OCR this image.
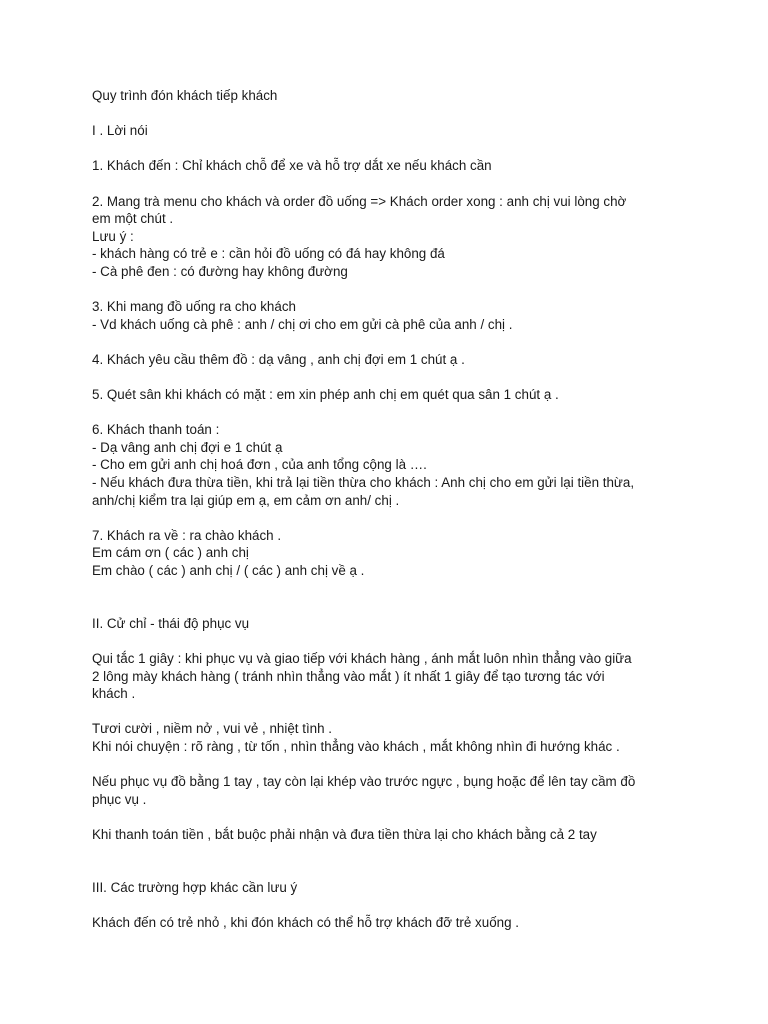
Quy trình đón khách tiếp khách
I . Lời nói
1. Khách đến : Chỉ khách chỗ để xe và hỗ trợ dắt xe nếu khách cần
2. Mang trà menu cho khách và order đồ uống => Khách order xong : anh chị vui lòng chờ
em một chút .
Lưu ý :
- khách hàng có trẻ e : cần hỏi đồ uống có đá hay không đá
- Cà phê đen : có đường hay không đường
3. Khi mang đồ uống ra cho khách
- Vd khách uống cà phê : anh / chị ơi cho em gửi cà phê của anh / chị .
4. Khách yêu cầu thêm đồ : dạ vâng , anh chị đợi em 1 chút ạ .
5. Quét sân khi khách có mặt : em xin phép anh chị em quét qua sân 1 chút ạ .
6. Khách thanh toán :
- Dạ vâng anh chị đợi e 1 chút ạ
- Cho em gửi anh chị hoá đơn , của anh tổng cộng là ….
- Nếu khách đưa thừa tiền, khi trả lại tiền thừa cho khách : Anh chị cho em gửi lại tiền thừa,
anh/chị kiểm tra lại giúp em ạ, em cảm ơn anh/ chị .
7. Khách ra về : ra chào khách .
Em cám ơn ( các ) anh chị
Em chào ( các ) anh chị / ( các ) anh chị về ạ .
II. Cử chỉ - thái độ phục vụ
Qui tắc 1 giây : khi phục vụ và giao tiếp với khách hàng , ánh mắt luôn nhìn thẳng vào giữa
2 lông mày khách hàng ( tránh nhìn thẳng vào mắt ) ít nhất 1 giây để tạo tương tác với
khách .
Tươi cười , niềm nở , vui vẻ , nhiệt tình .
Khi nói chuyện : rõ ràng , từ tốn , nhìn thẳng vào khách , mắt không nhìn đi hướng khác .
Nếu phục vụ đồ bằng 1 tay , tay còn lại khép vào trước ngực , bụng hoặc để lên tay cầm đồ
phục vụ .
Khi thanh toán tiền , bắt buộc phải nhận và đưa tiền thừa lại cho khách bằng cả 2 tay
III. Các trường hợp khác cần lưu ý
Khách đến có trẻ nhỏ , khi đón khách có thể hỗ trợ khách đỡ trẻ xuống .
